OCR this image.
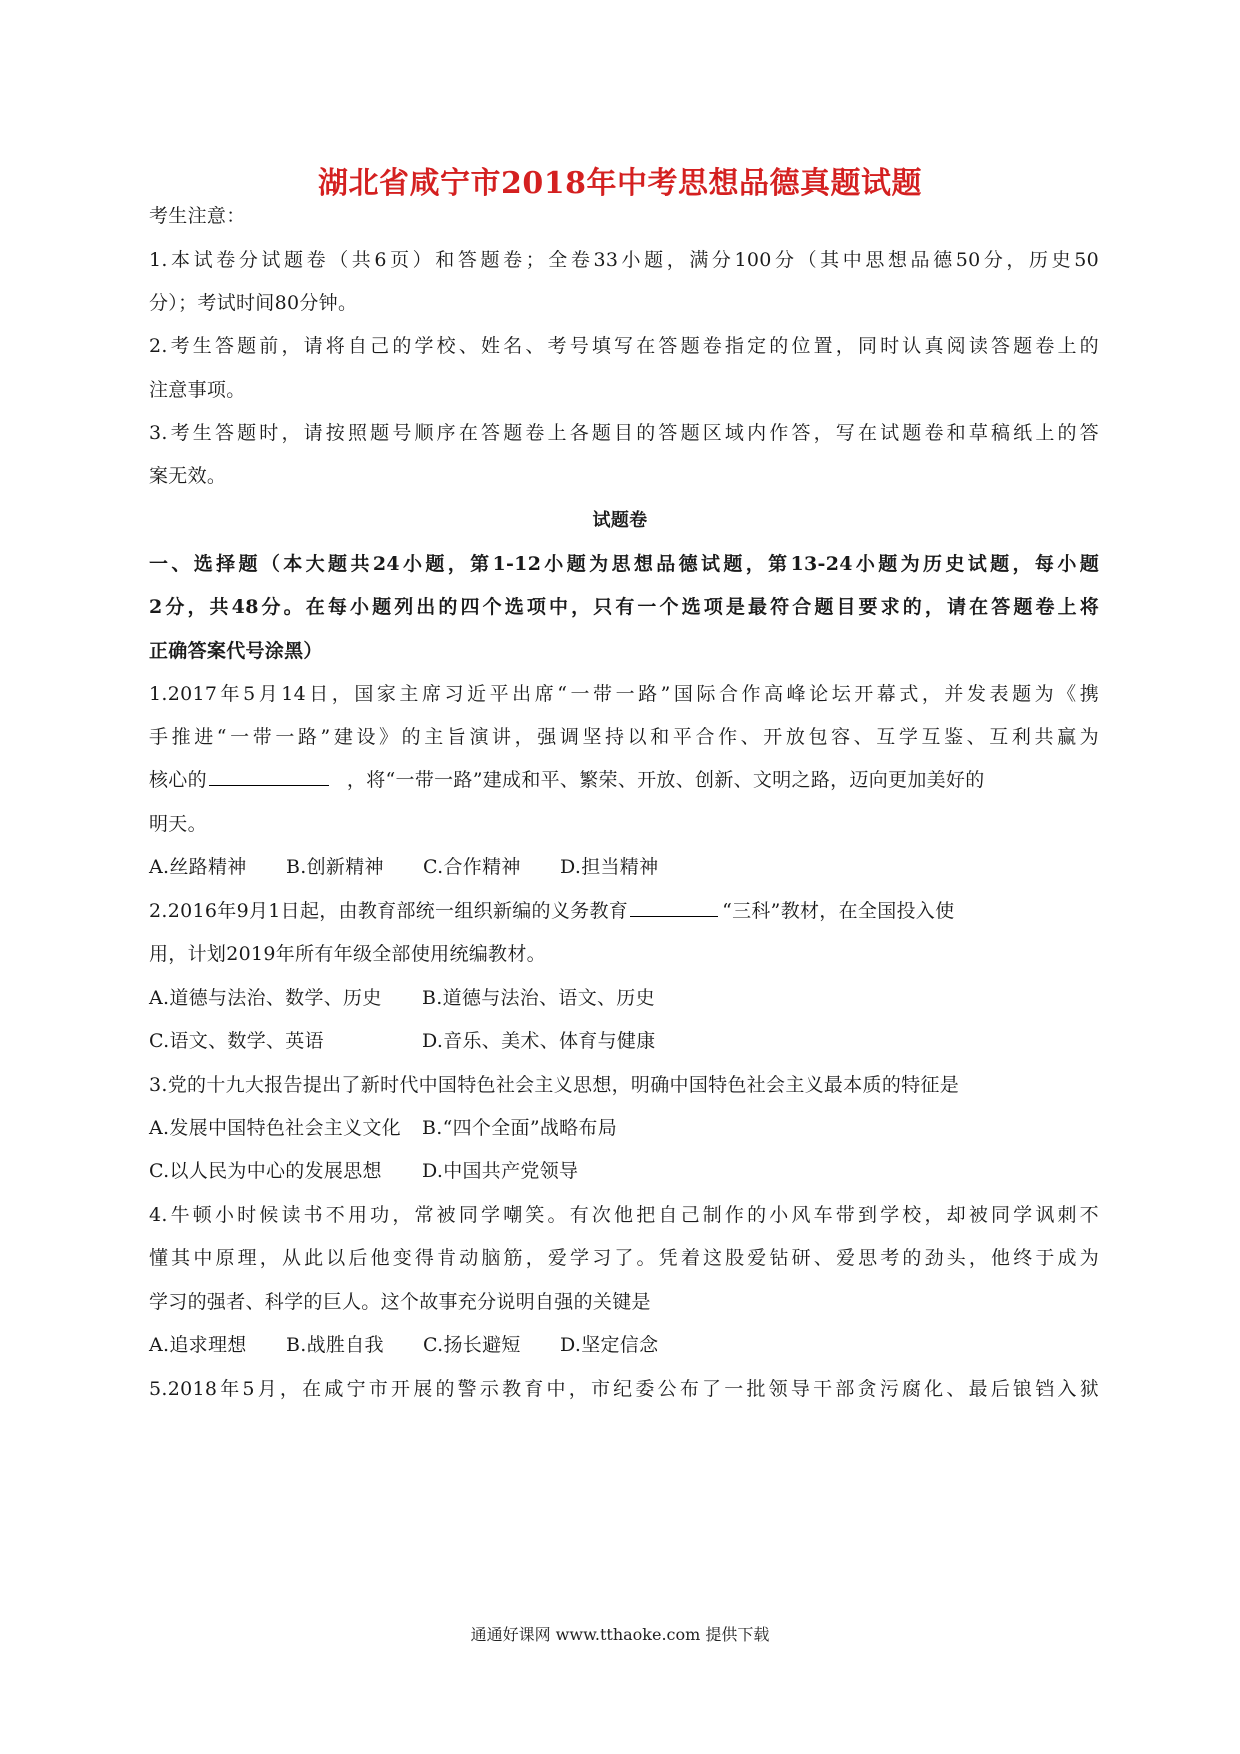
湖北省咸宁市2018年中考思想品德真题试题
考生注意：
1.本试卷分试题卷（共6页）和答题卷；全卷33小题，满分100分（其中思想品德50分，历史50
分）；考试时间80分钟。
2.考生答题前，请将自己的学校、姓名、考号填写在答题卷指定的位置，同时认真阅读答题卷上的
注意事项。
3.考生答题时，请按照题号顺序在答题卷上各题目的答题区域内作答，写在试题卷和草稿纸上的答
案无效。
试题卷
一、选择题（本大题共24小题，第1-12小题为思想品德试题，第13-24小题为历史试题，每小题
2分，共48分。在每小题列出的四个选项中，只有一个选项是最符合题目要求的，请在答题卷上将
正确答案代号涂黑）
1.2017年5月14日，国家主席习近平出席“一带一路”国际合作高峰论坛开幕式，并发表题为《携
手推进“一带一路”建设》的主旨演讲，强调坚持以和平合作、开放包容、互学互鉴、互利共赢为
核心的	，将“一带一路”建成和平、繁荣、开放、创新、文明之路，迈向更加美好的
明天。
A.丝路精神 B.创新精神 C.合作精神 D.担当精神
2.2016年9月1日起，由教育部统一组织新编的义务教育	“三科”教材，在全国投入使
用，计划2019年所有年级全部使用统编教材。
A.道德与法治、数学、历史 B.道德与法治、语文、历史
C.语文、数学、英语	D.音乐、美术、体育与健康
3.党的十九大报告提出了新时代中国特色社会主义思想，明确中国特色社会主义最本质的特征是
A.发展中国特色社会主义文化 B.“四个全面”战略布局
C.以人民为中心的发展思想 D.中国共产党领导
4.牛顿小时候读书不用功，常被同学嘲笑。有次他把自己制作的小风车带到学校，却被同学讽刺不
懂其中原理，从此以后他变得肯动脑筋，爱学习了。凭着这股爱钻研、爱思考的劲头，他终于成为
学习的强者、科学的巨人。这个故事充分说明自强的关键是
A.追求理想 B.战胜自我 C.扬长避短 D.坚定信念
5.2018年5月，在咸宁市开展的警示教育中，市纪委公布了一批领导干部贪污腐化、最后锒铛入狱
通通好课网 www.tthaoke.com 提供下载
